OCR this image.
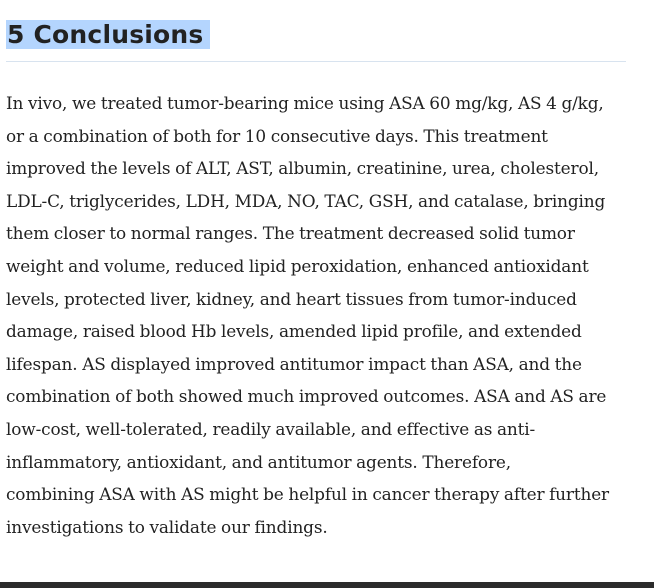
5 Conclusions

In vivo, we treated tumor-bearing mice using ASA 60 mg/kg, AS 4 g/kg,
or a combination of both for 10 consecutive days. This treatment
improved the levels of ALT, AST, albumin, creatinine, urea, cholesterol,
LDL-C, triglycerides, LDH, MDA, NO, TAC, GSH, and catalase, bringing
them closer to normal ranges. The treatment decreased solid tumor
weight and volume, reduced lipid peroxidation, enhanced antioxidant
levels, protected liver, kidney, and heart tissues from tumor-induced
damage, raised blood Hb levels, amended lipid profile, and extended
lifespan. AS displayed improved antitumor impact than ASA, and the
combination of both showed much improved outcomes. ASA and AS are
low-cost, well-tolerated, readily available, and effective as anti-
inflammatory, antioxidant, and antitumor agents. Therefore,
combining ASA with AS might be helpful in cancer therapy after further
investigations to validate our findings.
